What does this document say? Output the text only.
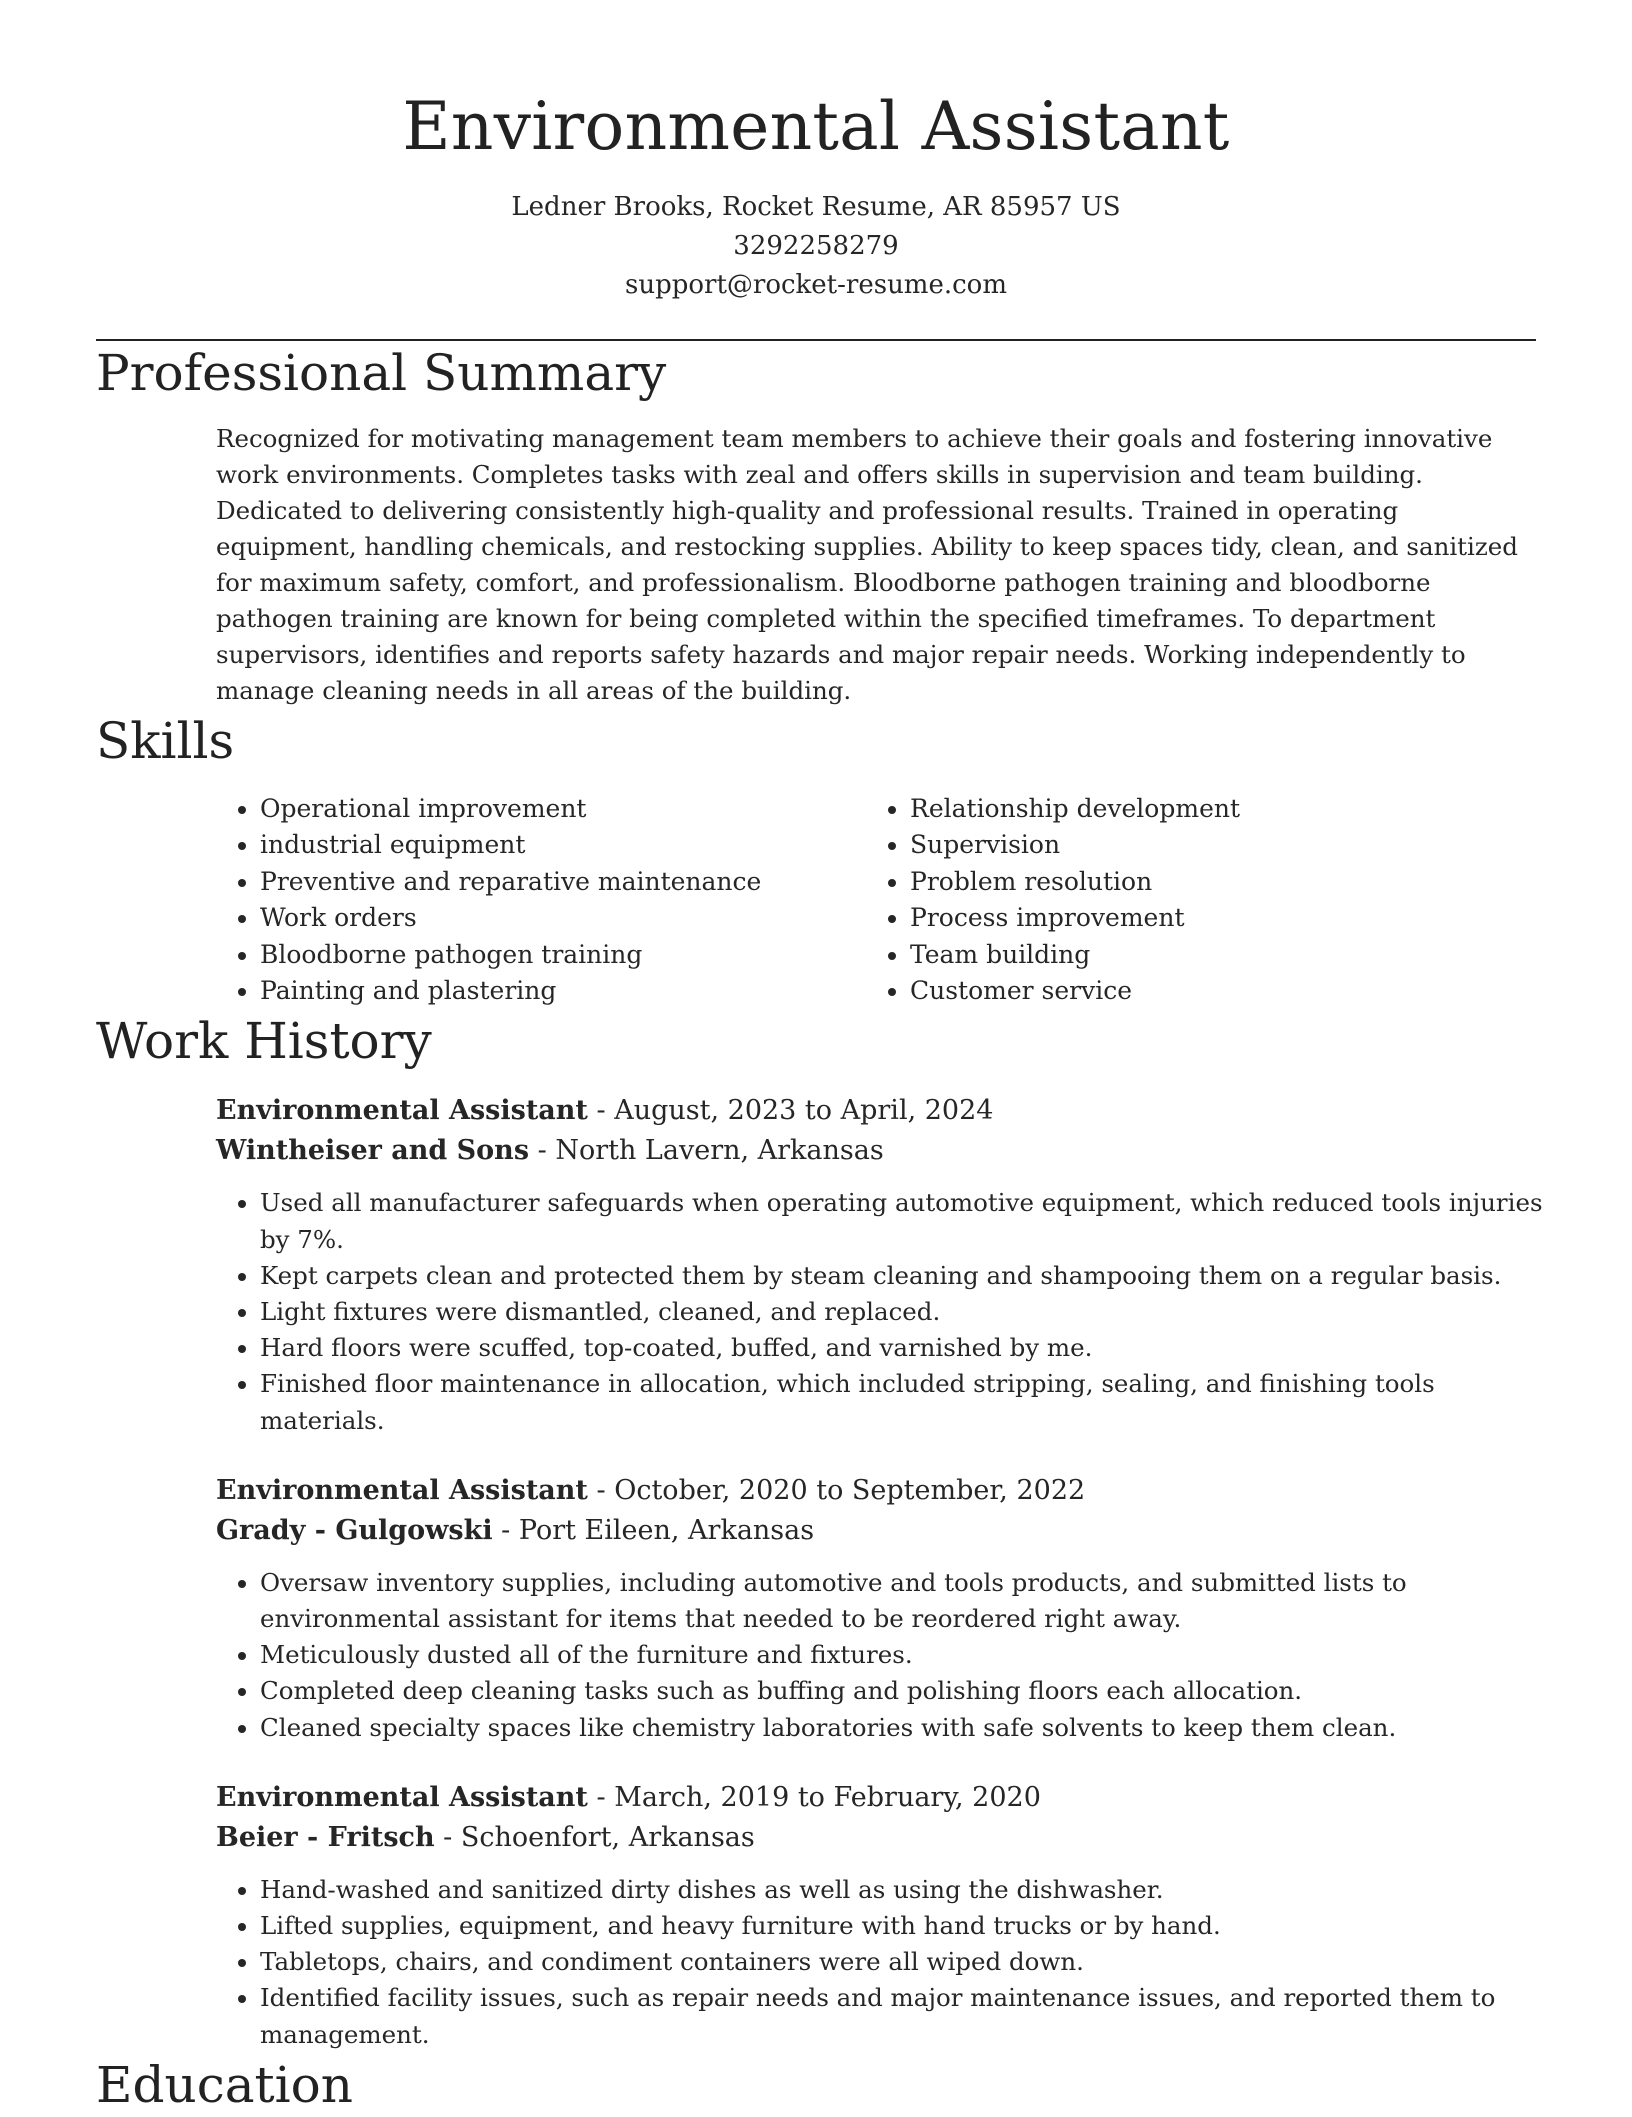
Environmental Assistant

Ledner Brooks, Rocket Resume, AR 85957 US

3292258279

support@rocket-resume.com

Professional Summary

Recognized for motivating management team members to achieve their goals and fostering innovative work environments. Completes tasks with zeal and offers skills in supervision and team building. Dedicated to delivering consistently high-quality and professional results. Trained in operating equipment, handling chemicals, and restocking supplies. Ability to keep spaces tidy, clean, and sanitized for maximum safety, comfort, and professionalism. Bloodborne pathogen training and bloodborne pathogen training are known for being completed within the specified timeframes. To department supervisors, identifies and reports safety hazards and major repair needs. Working independently to manage cleaning needs in all areas of the building.

Skills
• Operational improvement
• industrial equipment
• Preventive and reparative maintenance
• Work orders
• Bloodborne pathogen training
• Painting and plastering
• Relationship development
• Supervision
• Problem resolution
• Process improvement
• Team building
• Customer service
Work History

Environmental Assistant - August, 2023 to April, 2024

Wintheiser and Sons - North Lavern, Arkansas

• Used all manufacturer safeguards when operating automotive equipment, which reduced tools injuries by 7%.
• Kept carpets clean and protected them by steam cleaning and shampooing them on a regular basis.
• Light fixtures were dismantled, cleaned, and replaced.
• Hard floors were scuffed, top-coated, buffed, and varnished by me.
• Finished floor maintenance in allocation, which included stripping, sealing, and finishing tools materials.

Environmental Assistant - October, 2020 to September, 2022

Grady - Gulgowski - Port Eileen, Arkansas

• Oversaw inventory supplies, including automotive and tools products, and submitted lists to environmental assistant for items that needed to be reordered right away.
• Meticulously dusted all of the furniture and fixtures.
• Completed deep cleaning tasks such as buffing and polishing floors each allocation.
• Cleaned specialty spaces like chemistry laboratories with safe solvents to keep them clean.

Environmental Assistant - March, 2019 to February, 2020

Beier - Fritsch - Schoenfort, Arkansas

• Hand-washed and sanitized dirty dishes as well as using the dishwasher.
• Lifted supplies, equipment, and heavy furniture with hand trucks or by hand.
• Tabletops, chairs, and condiment containers were all wiped down.
• Identified facility issues, such as repair needs and major maintenance issues, and reported them to management.
Education
